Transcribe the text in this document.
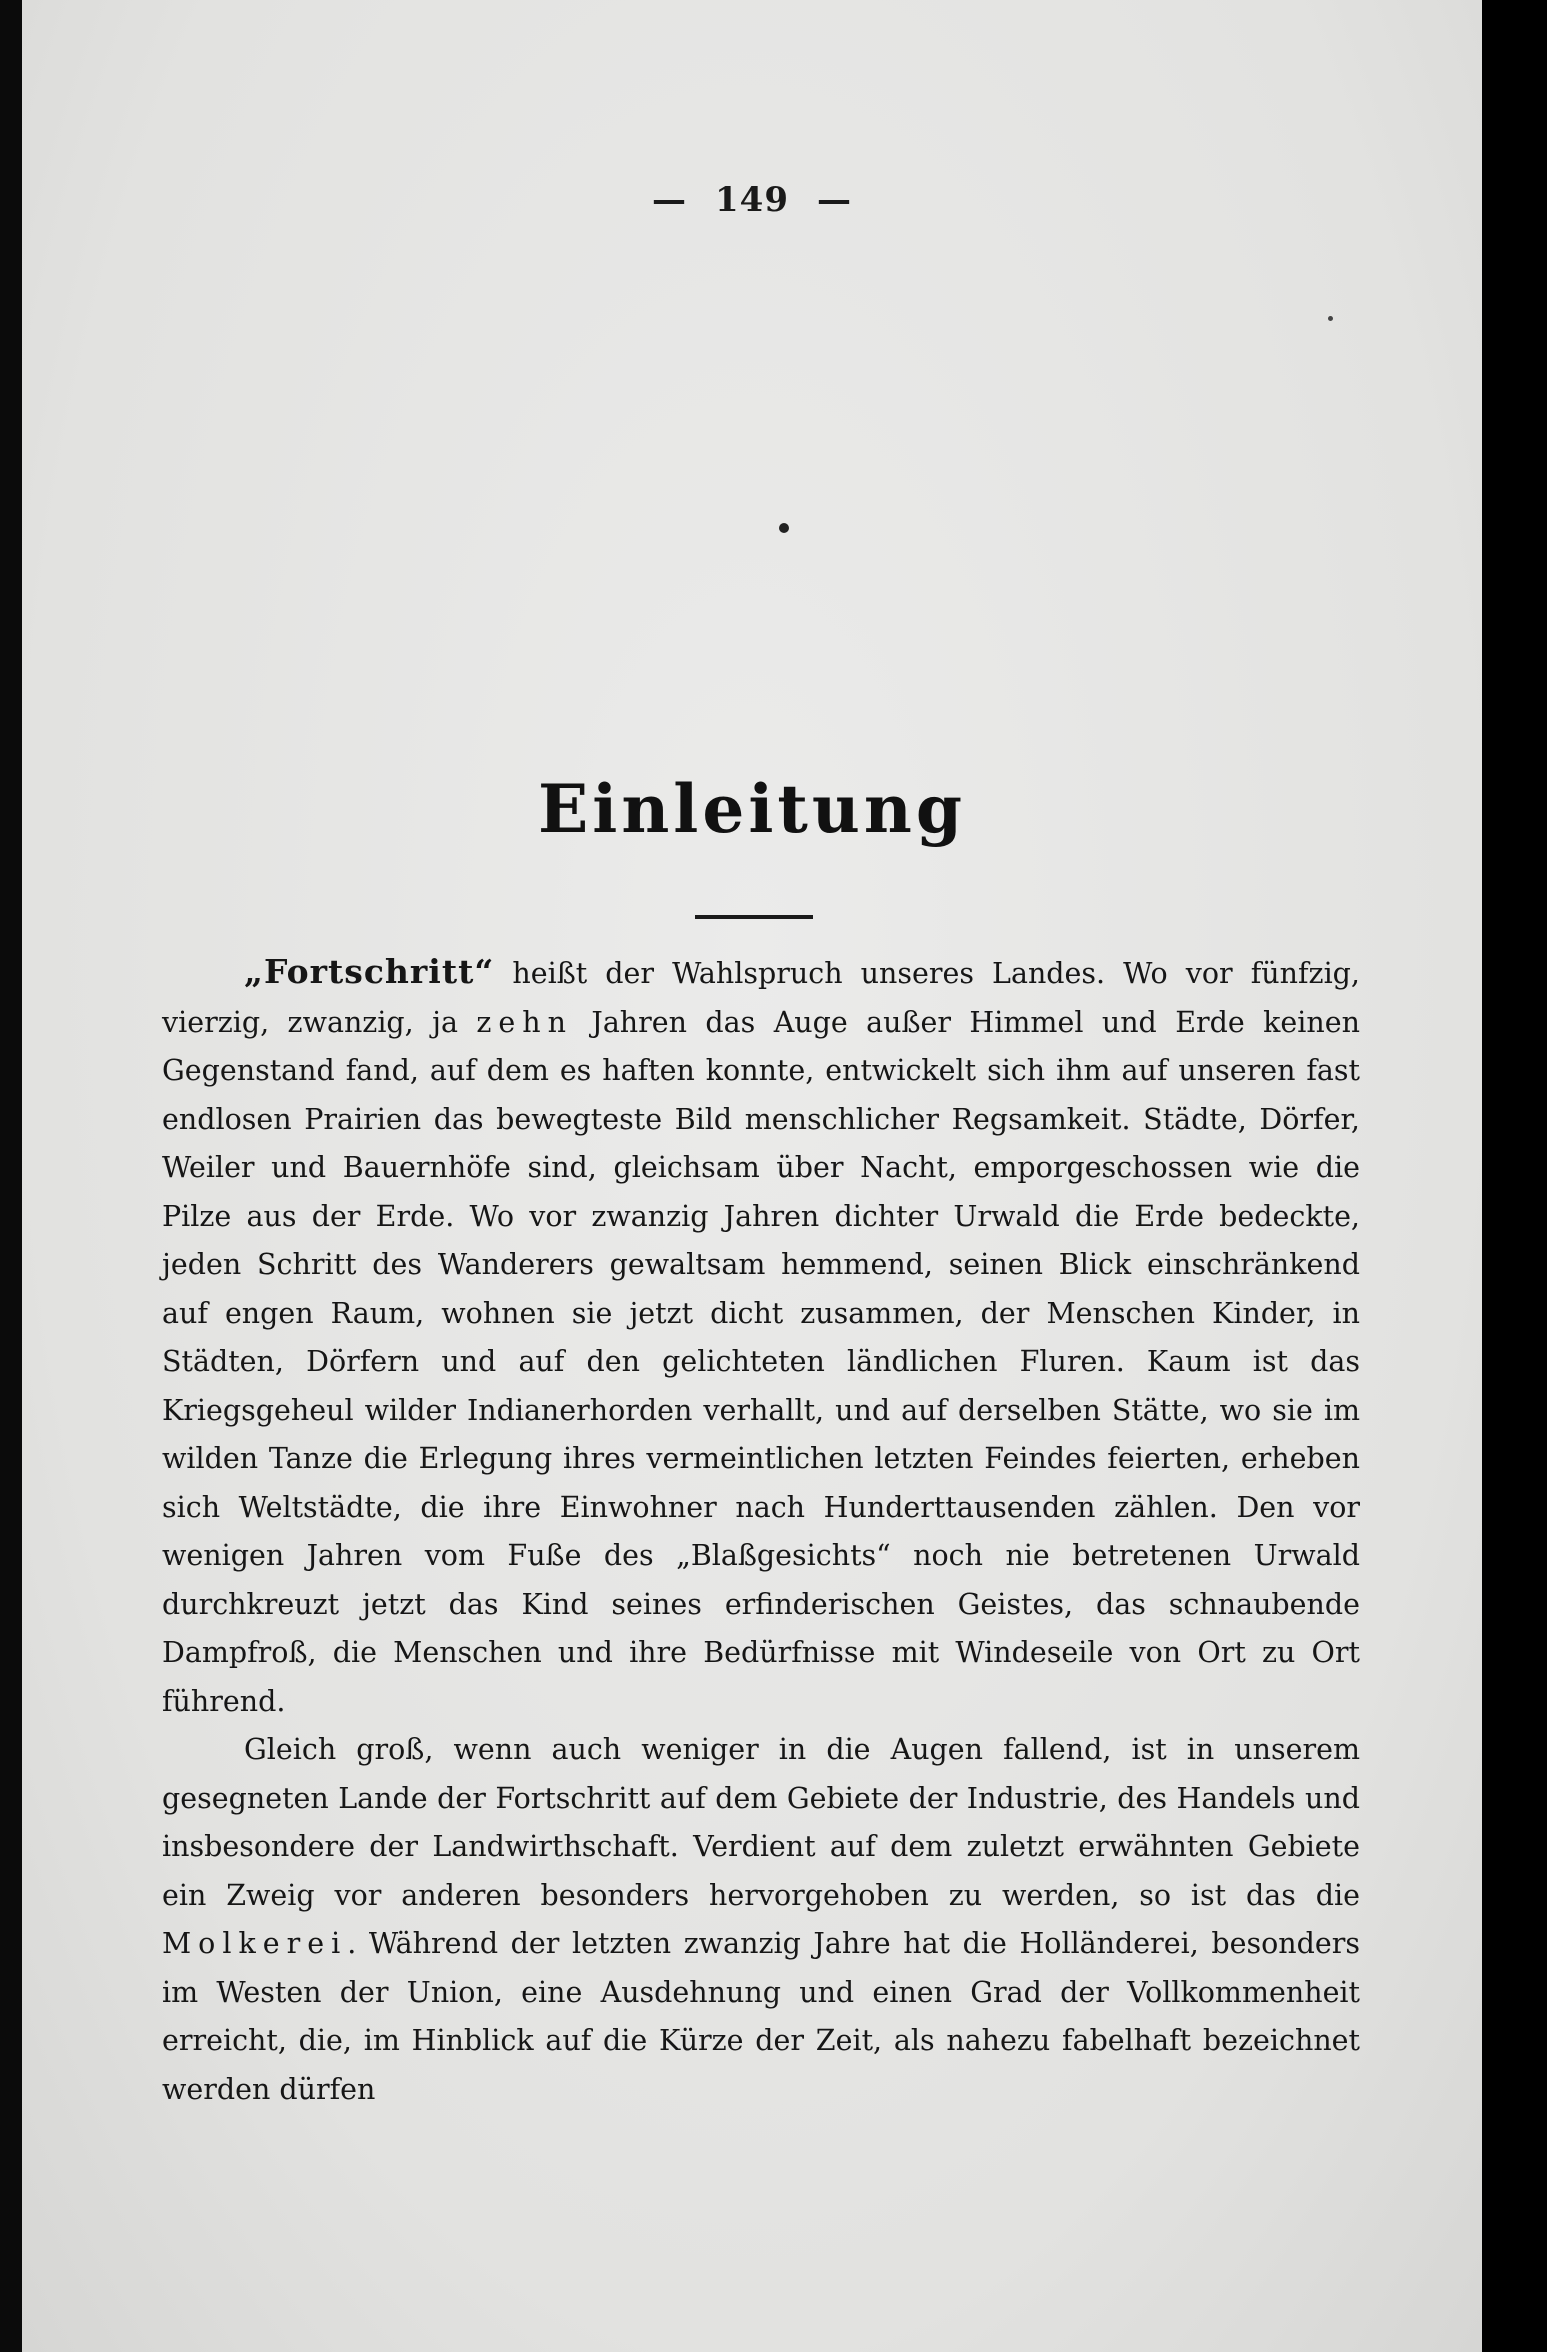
— 149 —
Einleitung

„Fortschritt“ heißt der Wahlspruch unseres Landes. Wo vor fünfzig, vierzig, zwanzig, ja zehn Jahren das Auge außer Himmel und Erde keinen Gegenstand fand, auf dem es haften konnte, entwickelt sich ihm auf unseren fast endlosen Prairien das bewegteste Bild menschlicher Regsamkeit. Städte, Dörfer, Weiler und Bauernhöfe sind, gleichsam über Nacht, emporgeschossen wie die Pilze aus der Erde. Wo vor zwanzig Jahren dichter Urwald die Erde bedeckte, jeden Schritt des Wanderers gewaltsam hemmend, seinen Blick einschränkend auf engen Raum, wohnen sie jetzt dicht zusammen, der Menschen Kinder, in Städten, Dörfern und auf den gelichteten ländlichen Fluren. Kaum ist das Kriegsgeheul wilder Indianerhorden verhallt, und auf derselben Stätte, wo sie im wilden Tanze die Erlegung ihres vermeintlichen letzten Feindes feierten, erheben sich Weltstädte, die ihre Einwohner nach Hunderttausenden zählen. Den vor wenigen Jahren vom Fuße des „Blaßgesichts“ noch nie betretenen Urwald durchkreuzt jetzt das Kind seines erfinderischen Geistes, das schnaubende Dampfroß, die Menschen und ihre Bedürfnisse mit Windeseile von Ort zu Ort führend.

Gleich groß, wenn auch weniger in die Augen fallend, ist in unserem gesegneten Lande der Fortschritt auf dem Gebiete der Industrie, des Handels und insbesondere der Landwirthschaft. Verdient auf dem zuletzt erwähnten Gebiete ein Zweig vor anderen besonders hervorgehoben zu werden, so ist das die Molkerei. Während der letzten zwanzig Jahre hat die Holländerei, besonders im Westen der Union, eine Ausdehnung und einen Grad der Vollkommenheit erreicht, die, im Hinblick auf die Kürze der Zeit, als nahezu fabelhaft bezeichnet werden dürfen
